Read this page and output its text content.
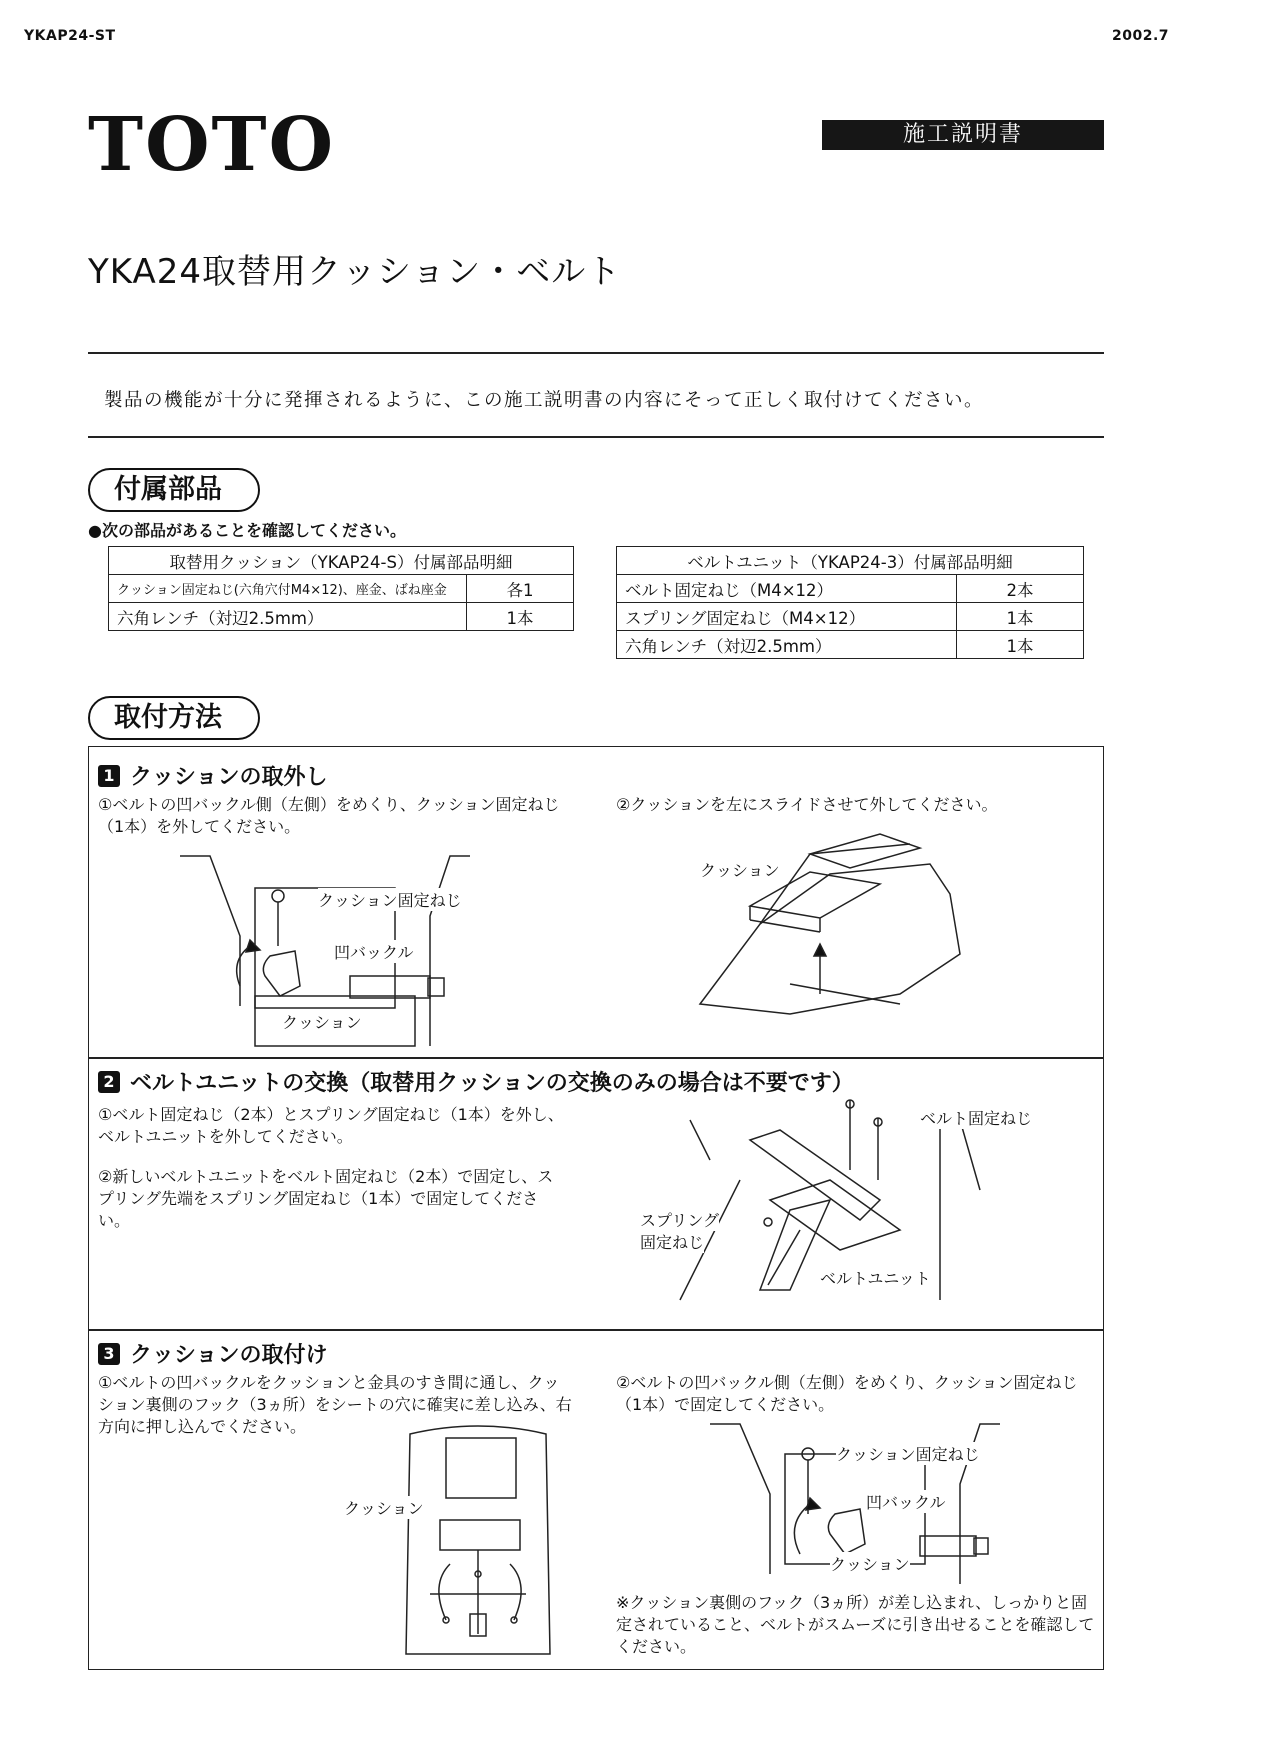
YKAP24-ST	2002.7
TOTO	施工説明書
YKA24取替用クッション・ベルト
製品の機能が十分に発揮されるように、この施工説明書の内容にそって正しく取付けてください。
付属部品
●次の部品があることを確認してください。
取替用クッション（YKAP24-S）付属部品明細	
クッション固定ねじ(六角穴付M4×12)、座金、ばね座金	各1
六角レンチ（対辺2.5mm）	1本
ベルトユニット（YKAP24-3）付属部品明細	
ベルト固定ねじ（M4×12）	2本
スプリング固定ねじ（M4×12）	1本
六角レンチ（対辺2.5mm）	1本
取付方法
1 クッションの取外し
①ベルトの凹バックル側（左側）をめくり、クッション固定ねじ（1本）を外してください。
②クッションを左にスライドさせて外してください。
クッション固定ねじ
凹バックル
クッション
クッション
2 ベルトユニットの交換（取替用クッションの交換のみの場合は不要です）
①ベルト固定ねじ（2本）とスプリング固定ねじ（1本）を外し、ベルトユニットを外してください。
②新しいベルトユニットをベルト固定ねじ（2本）で固定し、スプリング先端をスプリング固定ねじ（1本）で固定してください。
ベルト固定ねじ
スプリング
固定ねじ
ベルトユニット
3 クッションの取付け
①ベルトの凹バックルをクッションと金具のすき間に通し、クッション裏側のフック（3ヵ所）をシートの穴に確実に差し込み、右方向に押し込んでください。
②ベルトの凹バックル側（左側）をめくり、クッション固定ねじ（1本）で固定してください。
クッション
クッション固定ねじ
凹バックル
クッション
※クッション裏側のフック（3ヵ所）が差し込まれ、しっかりと固定されていること、ベルトがスムーズに引き出せることを確認してください。
